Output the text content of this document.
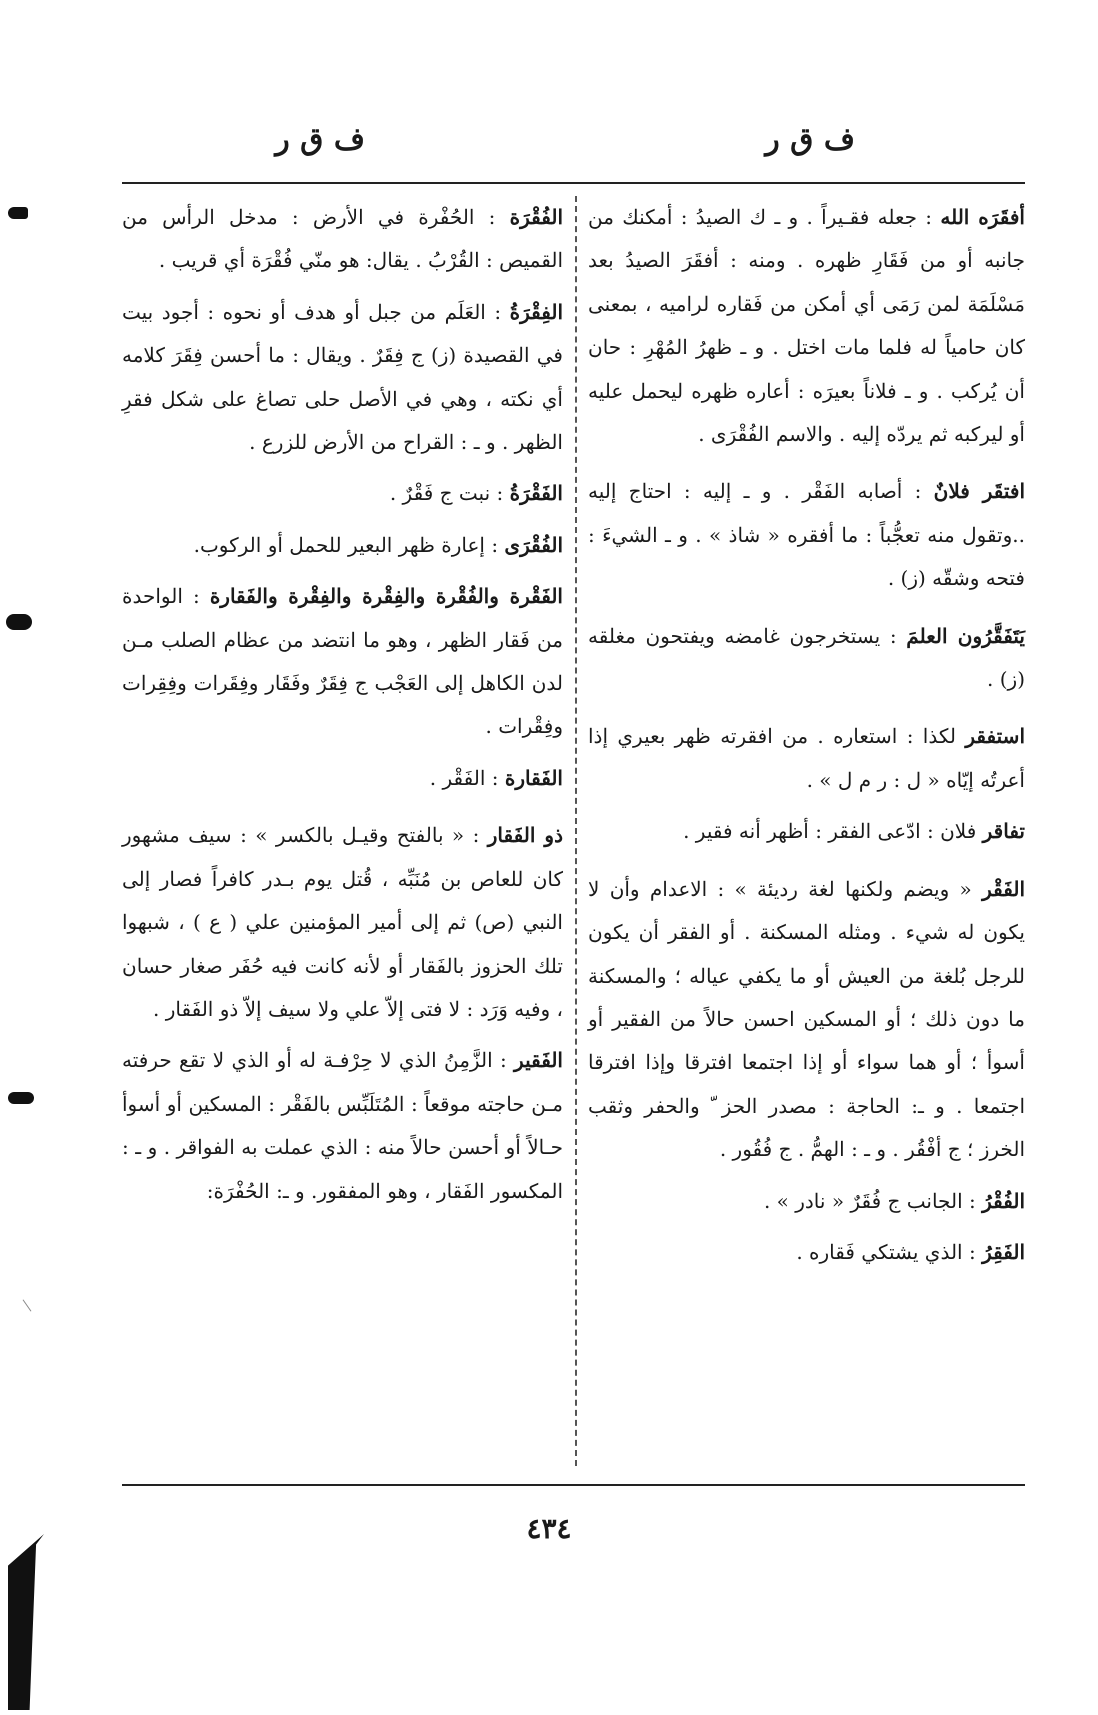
ف ق ر
ف ق ر

أفقَرَه الله : جعله فقـيراً . و ـ ك الصيدُ : أمكنك من جانبه أو من فَقَارِ ظهره . ومنه : أفقَرَ الصيدُ بعد مَسْلَمَة لمن رَمَى أي أمكن من فَقاره لراميه ، بمعنى كان حامياً له فلما مات اختل . و ـ ظهرُ المُهْرِ : حان أن يُركب . و ـ فلاناً بعيرَه : أعاره ظهره ليحمل عليه أو ليركبه ثم يردّه إليه . والاسم الفُقْرَى .

افتقَر فلانٌ : أصابه الفَقْر . و ـ إليه : احتاج إليه ..وتقول منه تعجُّباً : ما أفقره « شاذ » . و ـ الشيءَ : فتحه وشقّه (ز) .

يَتَفَقَّرُون العلمَ : يستخرجون غامضه ويفتحون مغلقه (ز) .

استفقر لكذا : استعاره . من افقرته ظهر بعيري إذا أعرتُه إيّاه « ل : ر م ل » .

تفاقر فلان : ادّعى الفقر : أظهر أنه فقير .

الفَقْر « ويضم ولكنها لغة رديئة » : الاعدام وأن لا يكون له شيء . ومثله المسكنة . أو الفقر أن يكون للرجل بُلغة من العيش أو ما يكفي عياله ؛ والمسكنة ما دون ذلك ؛ أو المسكين احسن حالاً من الفقير أو أسوأ ؛ أو هما سواء أو إذا اجتمعا افترقا وإذا افترقا اجتمعا . و ـ: الحاجة : مصدر الحز ّ والحفر وثقب الخرز ؛ ج أفْقُر . و ـ : الهمُّ . ج فُقُور .

الفُقْرُ : الجانب ج فُقَرٌ « نادر » .

الفَقِرُ : الذي يشتكي فَقاره .

الفُقْرَة : الحُفْرة في الأرض : مدخل الرأس من القميص : القُرْبُ . يقال: هو منّي فُقْرَة أي قريب .

الفِقْرَةُ : العَلَم من جبل أو هدف أو نحوه : أجود بيت في القصيدة (ز) ج فِقَرٌ . ويقال : ما أحسن فِقَرَ كلامه أي نكته ، وهي في الأصل حلى تصاغ على شكل فقرِ الظهر . و ـ : القراح من الأرض للزرع .

الفَقْرَةُ : نبت ج فَقْرٌ .

الفُقْرَى : إعارة ظهر البعير للحمل أو الركوب.

الفَقْرة والفُقْرة والفِقْرة والفِقْرة والفَقارة : الواحدة من فَقار الظهر ، وهو ما انتضد من عظام الصلب مـن لدن الكاهل إلى العَجْب ج فِقَرٌ وفَقَار وفِقَرات وفِقِرات وفِقْرات .

الفَقارة : الفَقْر .

ذو الفَقار : « بالفتح وقيـل بالكسر » : سيف مشهور كان للعاص بن مُنَبِّه ، قُتل يوم بـدر كافراً فصار إلى النبي (ص) ثم إلى أمير المؤمنين علي ( ع ) ، شبهوا تلك الحزوز بالفَقار أو لأنه كانت فيه حُفَر صغار حسان ، وفيه وَرَد : لا فتى إلاّ علي ولا سيف إلاّ ذو الفَقار .

الفَقير : الزَّمِنُ الذي لا حِرْفـة له أو الذي لا تقع حرفته مـن حاجته موقعاً : المُتَلَبِّس بالفَقْر : المسكين أو أسوأ حـالاً أو أحسن حالاً منه : الذي عملت به الفواقر . و ـ : المكسور الفَقار ، وهو المفقور. و ـ: الحُفْرَة:

٤٣٤
